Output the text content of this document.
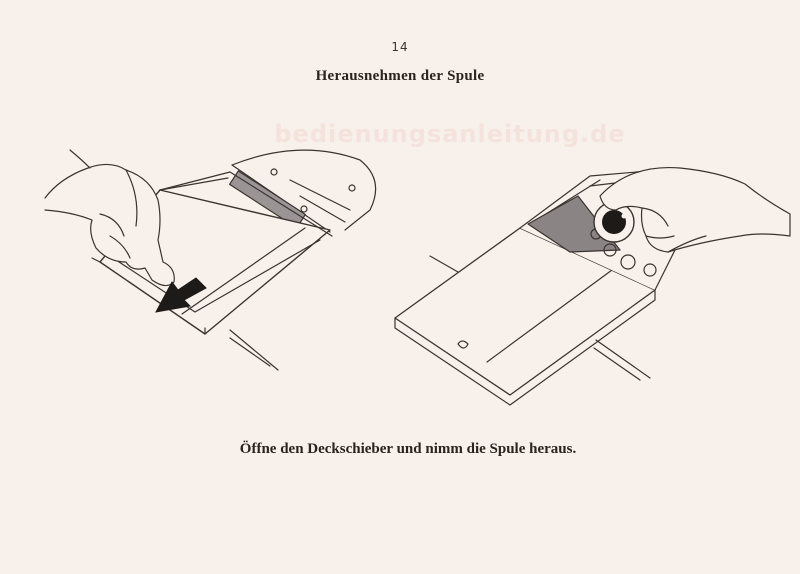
bedienungsanleitung.de
14
Herausnehmen der Spule
Öffne den Deckschieber und nimm die Spule heraus.
